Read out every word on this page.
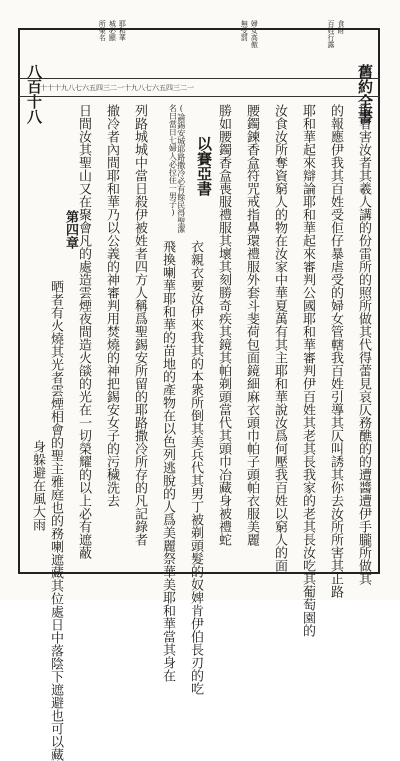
舊約全書
八百十八
第四章
以賽亞書
百姓行露 食財
婦女高傲
無受罰
耶和華
城必顯
所榮名
十十十九八七六五四三二一十九八七六五四三二一
取者害汝者其羲人講的份雷所的照所做其代得蕾見哀仄務醮的的遭醬遭伊手朧所做其
的報應伊我其百姓受佢仔暴虐受的婦女管轄我百姓引導其仄叫誘其你去汝所所害其正路
耶和華起來辯論耶和華起來審判公國耶和華審判伊百姓其老其長我家的老其長汝吃其葡萄園的
汝食汝所奪資窮人的物在汝家中華夏萬有其主耶和華說汝爲何壓我百姓以窮人的面
腰鐲鍊香盒符咒戒指鼻環禮服外套斗斐荷包面鏡細麻衣頭巾帕子頭帕衣服美麗
勝如腰鐲香盒喪服禮服其壞其刻勝奇疾其鏡其帕剃頭當代其頭巾冶藏身被禮蛇
衣親衣要汝伊來我其的本衆所倒其美兵代其男丁被剃頭髮的奴婢肯伊伯長刃的吃
飛換喇華耶和華的苗地的產物在以色列逃脫的人爲美麗祭華美耶和華當其身在
列路城城中當日殺伊被姓者四方人稱爲聖錫安所留的耶路撒冷所存的凡記錄者
撤冷者內間耶和華乃以公義的神審判用焚燒的神把錫安女子的污穢洗去
日間汝其聖山又在聚會凡的處造雲煙夜間造火燄的光在一切榮耀的以上必有遮蔽
晒者有火燒其光者雲煙相會的聖主雅庭也的務喇遮藏其位處日中落陰下遮避也可以藏
身躲避在風大雨
(論錫安城耶路撒冷必有餘民得聖潔名曰當日七婦人必拉住一男子)
